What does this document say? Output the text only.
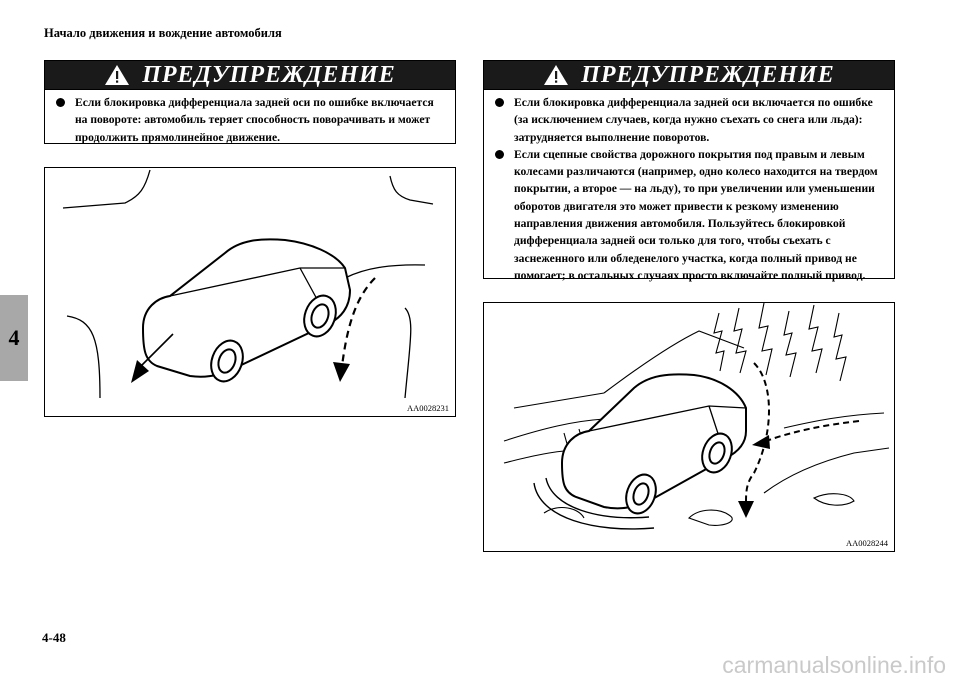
Начало движения и вождение автомобиля
4
ПРЕДУПРЕЖДЕНИЕ
Если блокировка дифференциала задней оси по ошибке включается на повороте: автомобиль теряет способность поворачивать и может продолжить прямолинейное движение.
ПРЕДУПРЕЖДЕНИЕ
Если блокировка дифференциала задней оси включается по ошибке (за исключением случаев, когда нужно съехать со снега или льда): затрудняется выполнение поворотов.
Если сцепные свойства дорожного покрытия под правым и левым колесами различаются (например, одно колесо находится на твердом покрытии, а второе — на льду), то при увеличении или уменьшении оборотов двигателя это может привести к резкому изменению направления движения автомобиля. Пользуйтесь блокировкой дифференциала задней оси только для того, чтобы съехать с заснеженного или обледенелого участка, когда полный привод не помогает; в остальных случаях просто включайте полный привод.
AA0028231
AA0028244
4-48
carmanualsonline.info
